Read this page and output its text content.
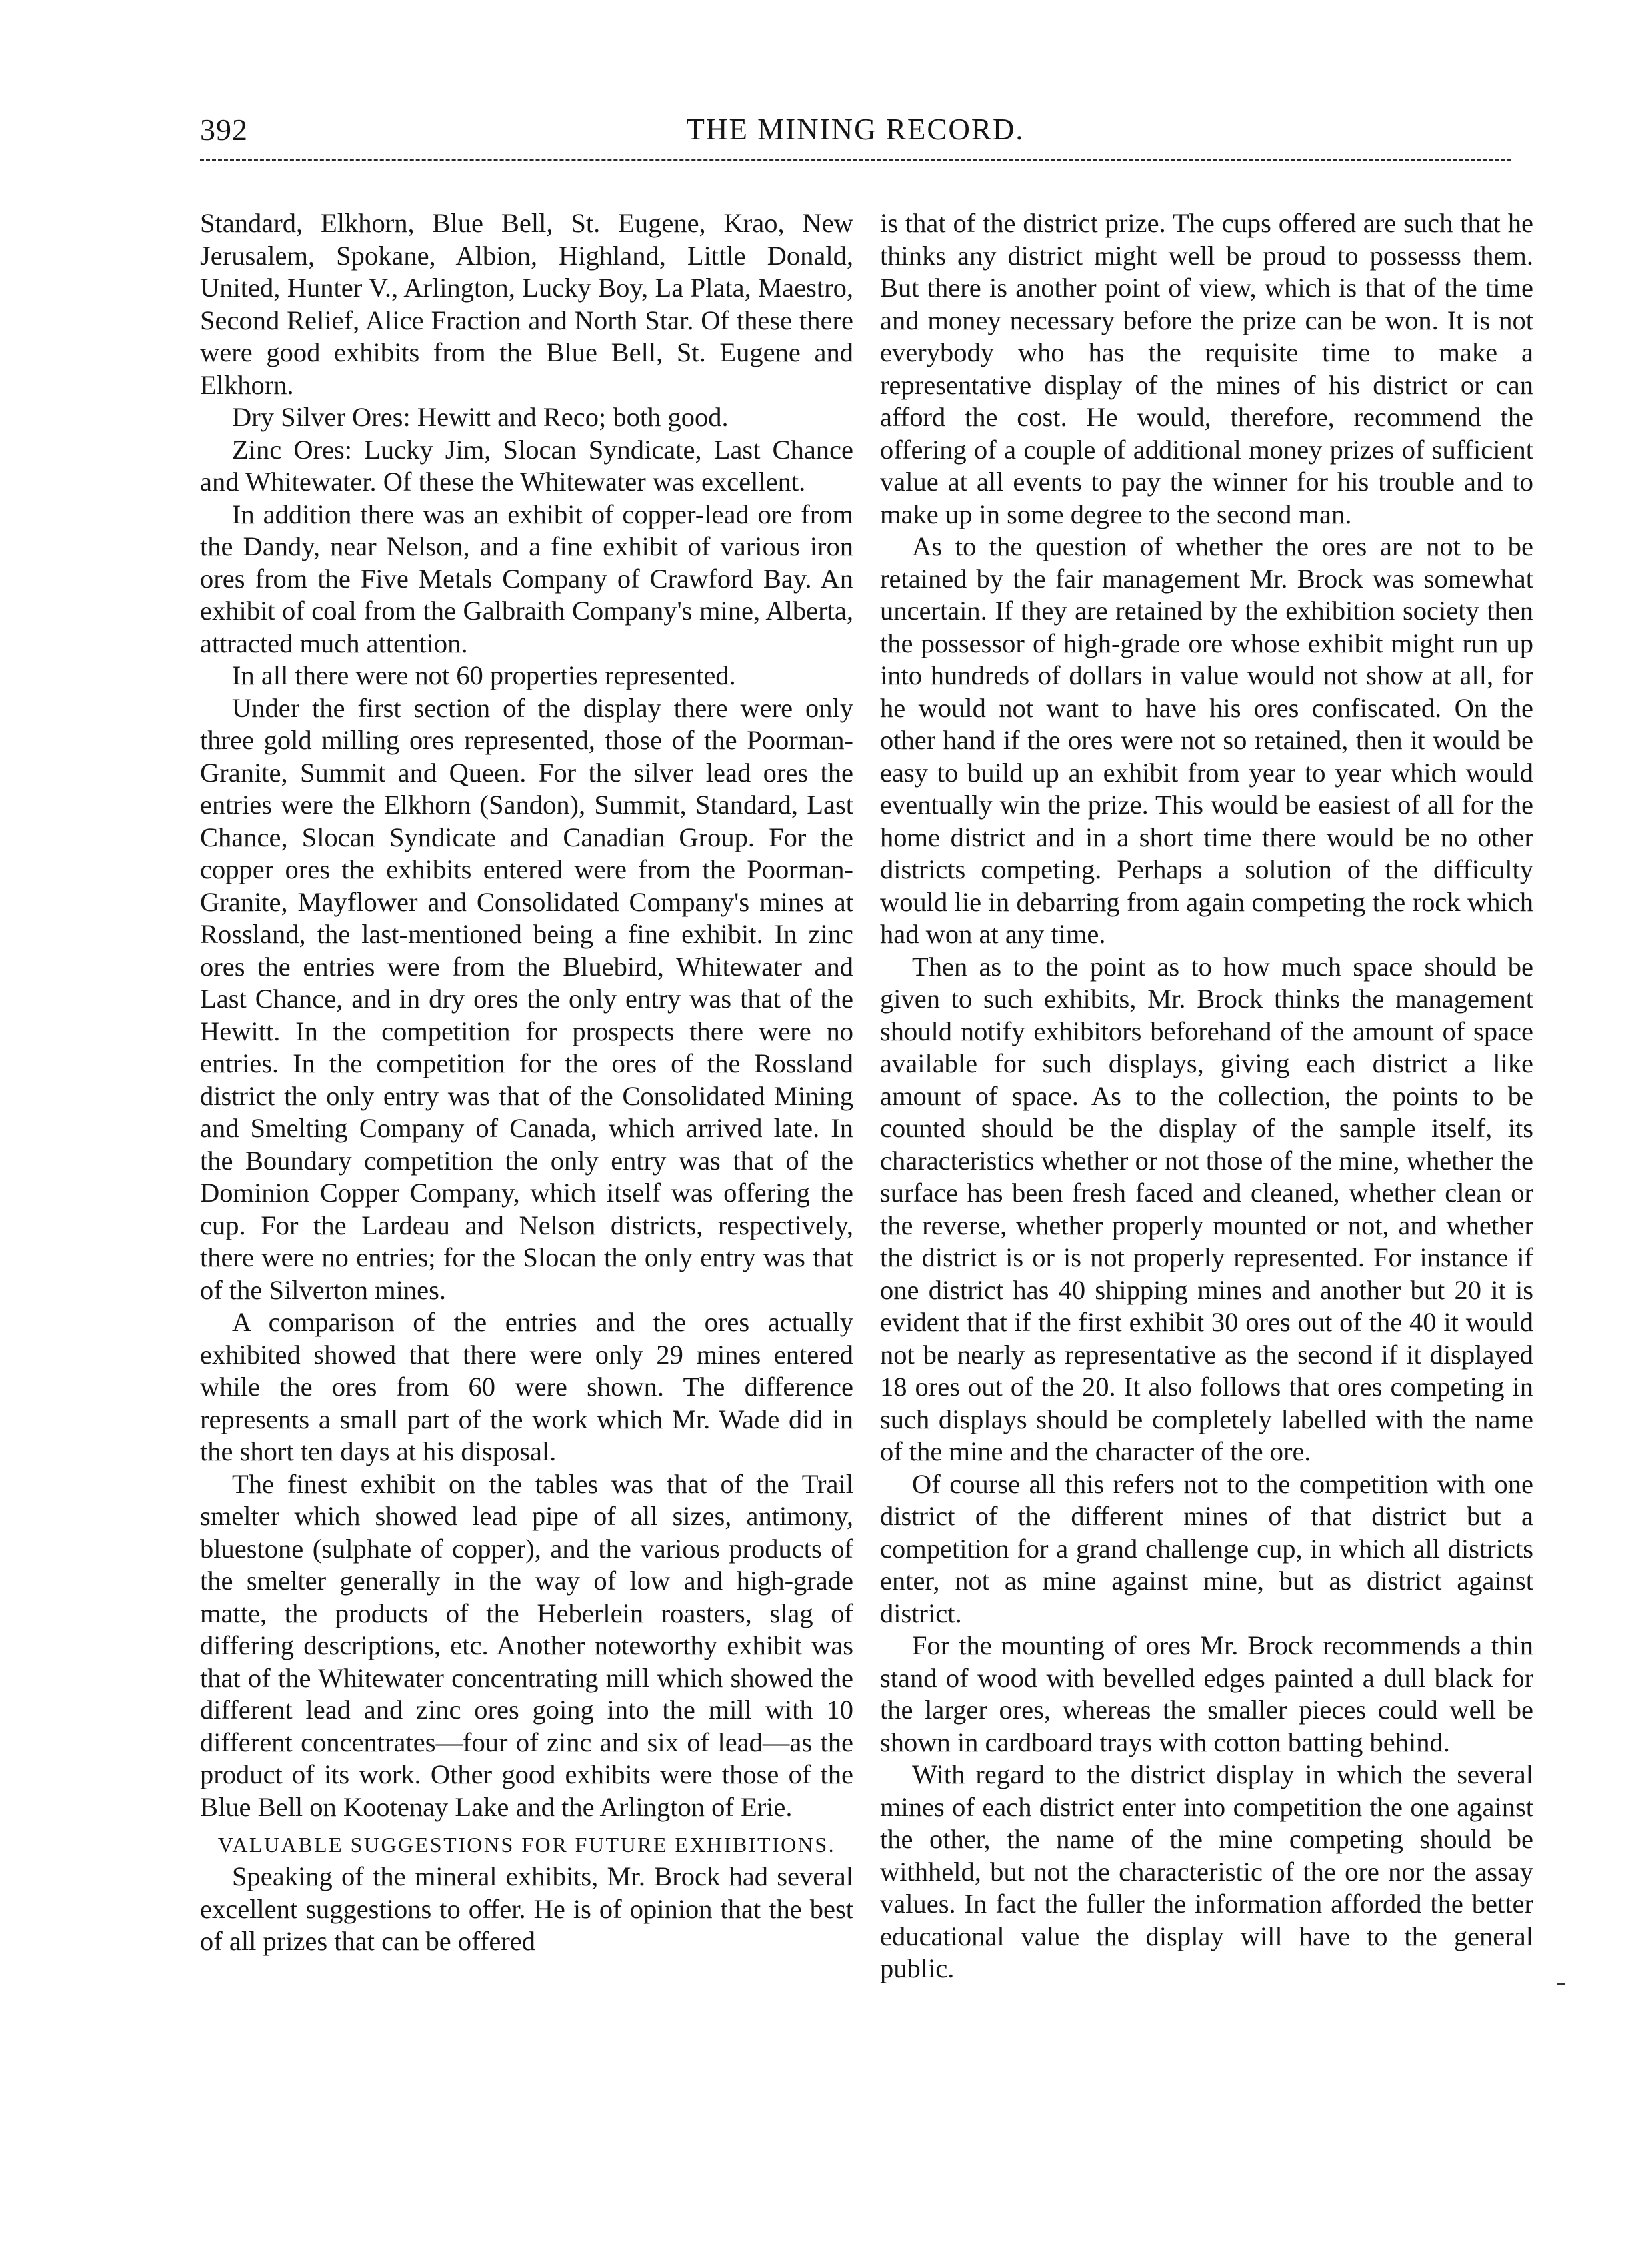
392	THE MINING RECORD.

Standard, Elkhorn, Blue Bell, St. Eugene, Krao, New Jerusalem, Spokane, Albion, Highland, Little Donald, United, Hunter V., Arlington, Lucky Boy, La Plata, Maestro, Second Relief, Alice Fraction and North Star. Of these there were good exhibits from the Blue Bell, St. Eugene and Elkhorn.

Dry Silver Ores: Hewitt and Reco; both good.

Zinc Ores: Lucky Jim, Slocan Syndicate, Last Chance and Whitewater. Of these the Whitewater was excellent.

In addition there was an exhibit of copper-lead ore from the Dandy, near Nelson, and a fine exhibit of various iron ores from the Five Metals Company of Crawford Bay. An exhibit of coal from the Galbraith Company's mine, Alberta, attracted much attention.

In all there were not 60 properties represented.

Under the first section of the display there were only three gold milling ores represented, those of the Poorman-Granite, Summit and Queen. For the silver lead ores the entries were the Elkhorn (Sandon), Summit, Standard, Last Chance, Slocan Syndicate and Canadian Group. For the copper ores the exhibits entered were from the Poorman-Granite, Mayflower and Consolidated Company's mines at Rossland, the last-mentioned being a fine exhibit. In zinc ores the entries were from the Bluebird, Whitewater and Last Chance, and in dry ores the only entry was that of the Hewitt. In the competition for prospects there were no entries. In the competition for the ores of the Rossland district the only entry was that of the Consolidated Mining and Smelting Company of Canada, which arrived late. In the Boundary competition the only entry was that of the Dominion Copper Company, which itself was offering the cup. For the Lardeau and Nelson districts, respectively, there were no entries; for the Slocan the only entry was that of the Silverton mines.

A comparison of the entries and the ores actually exhibited showed that there were only 29 mines entered while the ores from 60 were shown. The difference represents a small part of the work which Mr. Wade did in the short ten days at his disposal.

The finest exhibit on the tables was that of the Trail smelter which showed lead pipe of all sizes, antimony, bluestone (sulphate of copper), and the various products of the smelter generally in the way of low and high-grade matte, the products of the Heberlein roasters, slag of differing descriptions, etc. Another noteworthy exhibit was that of the Whitewater concentrating mill which showed the different lead and zinc ores going into the mill with 10 different concentrates—four of zinc and six of lead—as the product of its work. Other good exhibits were those of the Blue Bell on Kootenay Lake and the Arlington of Erie.

VALUABLE SUGGESTIONS FOR FUTURE EXHIBITIONS.

Speaking of the mineral exhibits, Mr. Brock had several excellent suggestions to offer. He is of opinion that the best of all prizes that can be offered

is that of the district prize. The cups offered are such that he thinks any district might well be proud to possesss them. But there is another point of view, which is that of the time and money necessary before the prize can be won. It is not everybody who has the requisite time to make a representative display of the mines of his district or can afford the cost. He would, therefore, recommend the offering of a couple of additional money prizes of sufficient value at all events to pay the winner for his trouble and to make up in some degree to the second man.

As to the question of whether the ores are not to be retained by the fair management Mr. Brock was somewhat uncertain. If they are retained by the exhibition society then the possessor of high-grade ore whose exhibit might run up into hundreds of dollars in value would not show at all, for he would not want to have his ores confiscated. On the other hand if the ores were not so retained, then it would be easy to build up an exhibit from year to year which would eventually win the prize. This would be easiest of all for the home district and in a short time there would be no other districts competing. Perhaps a solution of the difficulty would lie in debarring from again competing the rock which had won at any time.

Then as to the point as to how much space should be given to such exhibits, Mr. Brock thinks the management should notify exhibitors beforehand of the amount of space available for such displays, giving each district a like amount of space. As to the collection, the points to be counted should be the display of the sample itself, its characteristics whether or not those of the mine, whether the surface has been fresh faced and cleaned, whether clean or the reverse, whether properly mounted or not, and whether the district is or is not properly represented. For instance if one district has 40 shipping mines and another but 20 it is evident that if the first exhibit 30 ores out of the 40 it would not be nearly as representative as the second if it displayed 18 ores out of the 20. It also follows that ores competing in such displays should be completely labelled with the name of the mine and the character of the ore.

Of course all this refers not to the competition with one district of the different mines of that district but a competition for a grand challenge cup, in which all districts enter, not as mine against mine, but as district against district.

For the mounting of ores Mr. Brock recommends a thin stand of wood with bevelled edges painted a dull black for the larger ores, whereas the smaller pieces could well be shown in cardboard trays with cotton batting behind.

With regard to the district display in which the several mines of each district enter into competition the one against the other, the name of the mine competing should be withheld, but not the characteristic of the ore nor the assay values. In fact the fuller the information afforded the better educational value the display will have to the general public.
